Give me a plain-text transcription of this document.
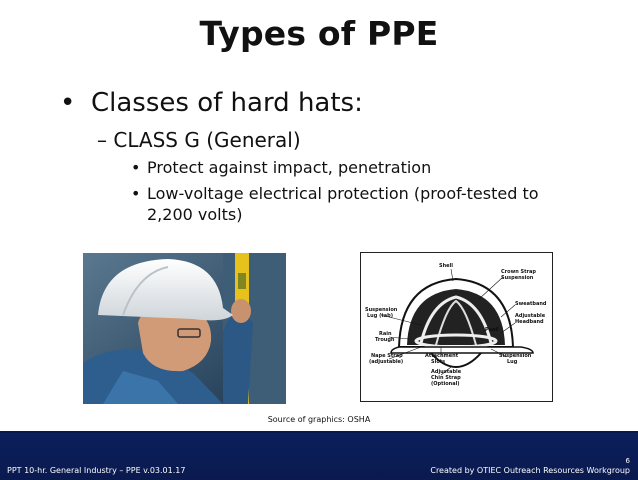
Types of PPE
• Classes of hard hats:
– CLASS G (General)
• Protect against impact, penetration
• Low-voltage electrical protection (proof-tested to 2,200 volts)
Shell
Crown Strap
Suspension
Sweatband
Adjustable
Headband
Peak
Suspension
Lug (tab)
Rain
Trough
Nape Strap
(adjustable)
Attachment
Slots
Adjustable
Chin Strap
(Optional)
Suspension
Lug
Source of graphics: OSHA
6
PPT 10-hr. General Industry – PPE v.03.01.17	Created by OTIEC Outreach Resources Workgroup
